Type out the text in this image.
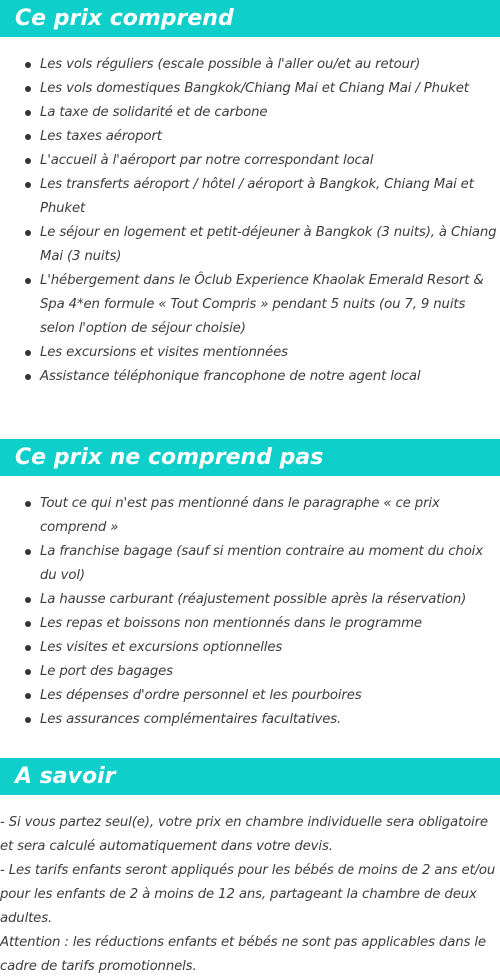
Ce prix comprend
Les vols réguliers (escale possible à l'aller ou/et au retour)
Les vols domestiques Bangkok/Chiang Mai et Chiang Mai / Phuket
La taxe de solidarité et de carbone
Les taxes aéroport
L'accueil à l'aéroport par notre correspondant local
Les transferts aéroport / hôtel / aéroport à Bangkok, Chiang Mai et Phuket
Le séjour en logement et petit-déjeuner à Bangkok (3 nuits), à Chiang Mai (3 nuits)
L'hébergement dans le Ôclub Experience Khaolak Emerald Resort & Spa 4*en formule « Tout Compris » pendant 5 nuits (ou 7, 9 nuits selon l'option de séjour choisie)
Les excursions et visites mentionnées
Assistance téléphonique francophone de notre agent local
Ce prix ne comprend pas
Tout ce qui n'est pas mentionné dans le paragraphe « ce prix comprend »
La franchise bagage (sauf si mention contraire au moment du choix du vol)
La hausse carburant (réajustement possible après la réservation)
Les repas et boissons non mentionnés dans le programme
Les visites et excursions optionnelles
Le port des bagages
Les dépenses d'ordre personnel et les pourboires
Les assurances complémentaires facultatives.
A savoir

- Si vous partez seul(e), votre prix en chambre individuelle sera obligatoire et sera calculé automatiquement dans votre devis.

- Les tarifs enfants seront appliqués pour les bébés de moins de 2 ans et/ou pour les enfants de 2 à moins de 12 ans, partageant la chambre de deux adultes.

Attention : les réductions enfants et bébés ne sont pas applicables dans le cadre de tarifs promotionnels.
